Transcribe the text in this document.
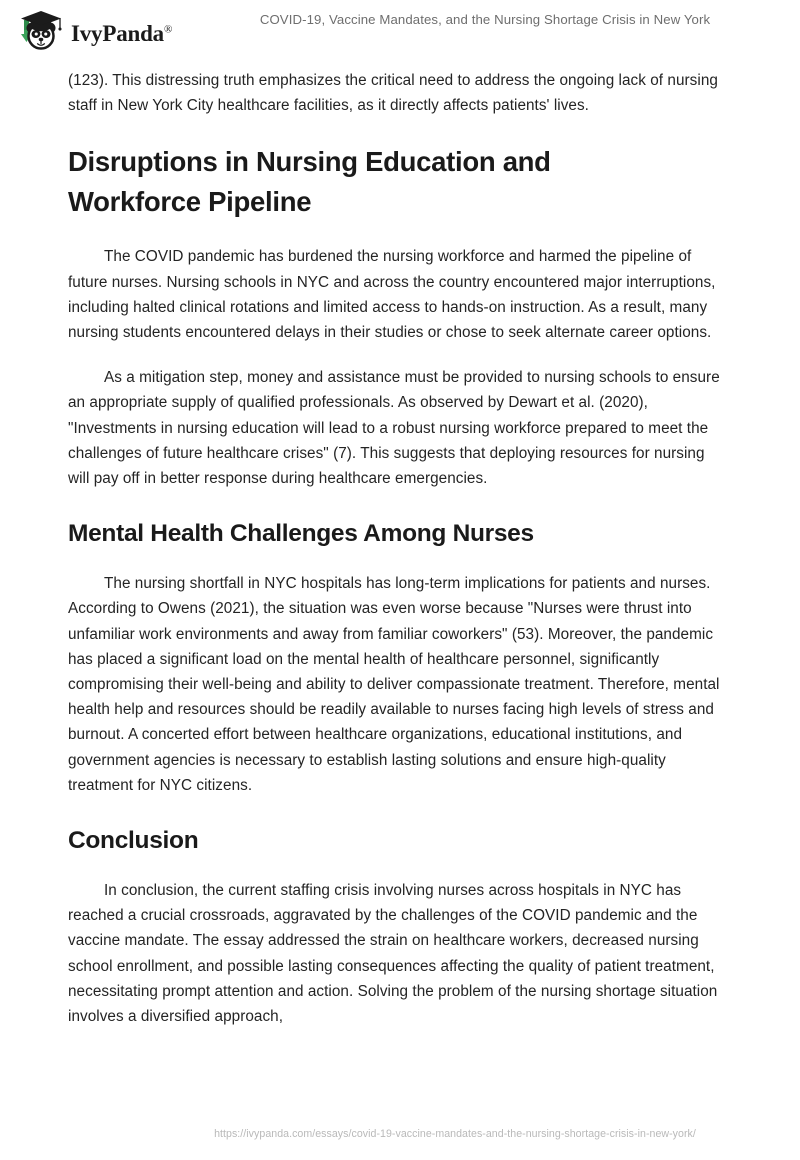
IvyPanda®
COVID-19, Vaccine Mandates, and the Nursing Shortage Crisis in New York

(123). This distressing truth emphasizes the critical need to address the ongoing lack of nursing staff in New York City healthcare facilities, as it directly affects patients' lives.

Disruptions in Nursing Education and Workforce Pipeline

The COVID pandemic has burdened the nursing workforce and harmed the pipeline of future nurses. Nursing schools in NYC and across the country encountered major interruptions, including halted clinical rotations and limited access to hands-on instruction. As a result, many nursing students encountered delays in their studies or chose to seek alternate career options.

As a mitigation step, money and assistance must be provided to nursing schools to ensure an appropriate supply of qualified professionals. As observed by Dewart et al. (2020), "Investments in nursing education will lead to a robust nursing workforce prepared to meet the challenges of future healthcare crises" (7). This suggests that deploying resources for nursing will pay off in better response during healthcare emergencies.

Mental Health Challenges Among Nurses

The nursing shortfall in NYC hospitals has long-term implications for patients and nurses. According to Owens (2021), the situation was even worse because "Nurses were thrust into unfamiliar work environments and away from familiar coworkers" (53). Moreover, the pandemic has placed a significant load on the mental health of healthcare personnel, significantly compromising their well-being and ability to deliver compassionate treatment. Therefore, mental health help and resources should be readily available to nurses facing high levels of stress and burnout. A concerted effort between healthcare organizations, educational institutions, and government agencies is necessary to establish lasting solutions and ensure high-quality treatment for NYC citizens.

Conclusion

In conclusion, the current staffing crisis involving nurses across hospitals in NYC has reached a crucial crossroads, aggravated by the challenges of the COVID pandemic and the vaccine mandate. The essay addressed the strain on healthcare workers, decreased nursing school enrollment, and possible lasting consequences affecting the quality of patient treatment, necessitating prompt attention and action. Solving the problem of the nursing shortage situation involves a diversified approach,

https://ivypanda.com/essays/covid-19-vaccine-mandates-and-the-nursing-shortage-crisis-in-new-york/
